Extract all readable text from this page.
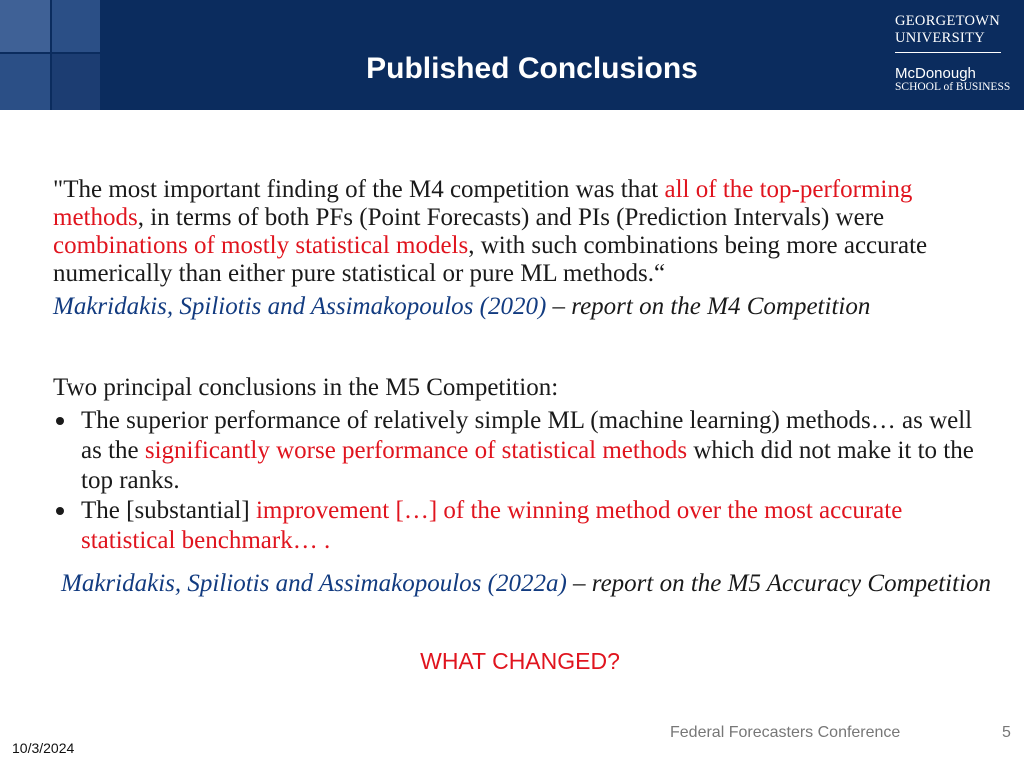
Published Conclusions
GEORGETOWN
UNIVERSITY
McDonough
SCHOOL of BUSINESS

"The most important finding of the M4 competition was that all of the top-performing methods, in terms of both PFs (Point Forecasts) and PIs (Prediction Intervals) were combinations of mostly statistical models, with such combinations being more accurate numerically than either pure statistical or pure ML methods.“

Makridakis, Spiliotis and Assimakopoulos (2020) – report on the M4 Competition
Two principal conclusions in the M5 Competition:
The superior performance of relatively simple ML (machine learning) methods… as well as the significantly worse performance of statistical methods which did not make it to the top ranks.
The [substantial] improvement […] of the winning method over the most accurate statistical benchmark… .
Makridakis, Spiliotis and Assimakopoulos (2022a) – report on the M5 Accuracy Competition
WHAT CHANGED?
Federal Forecasters Conference	5
10/3/2024
